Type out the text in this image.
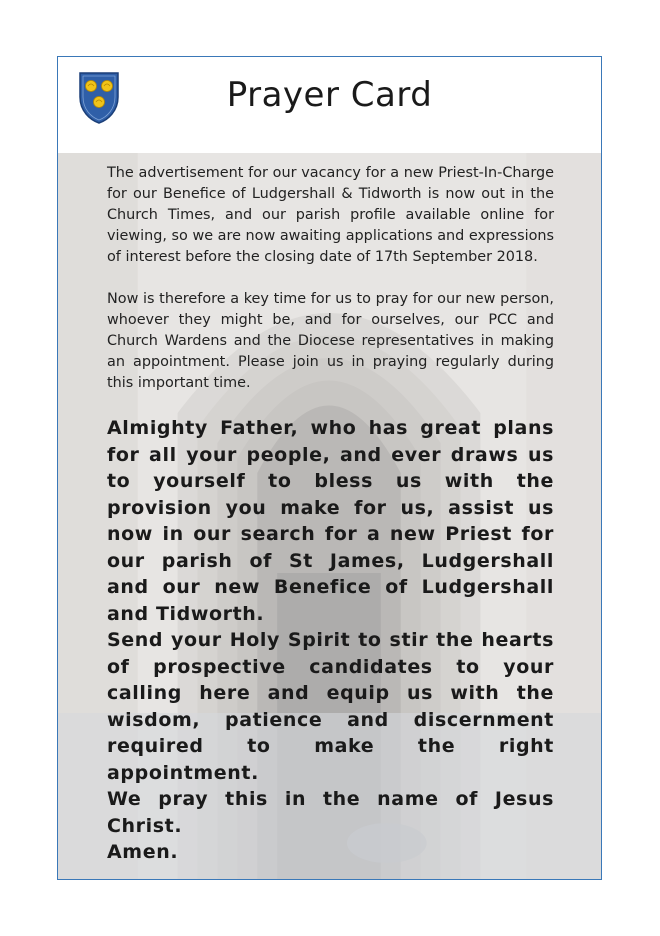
Prayer Card

The advertisement for our vacancy for a new Priest-In-Charge for our Benefice of Ludgershall & Tidworth is now out in the Church Times, and our parish profile available online for viewing, so we are now awaiting applications and expressions of interest before the closing date of 17th September 2018.

Now is therefore a key time for us to pray for our new person, whoever they might be, and for ourselves, our PCC and Church Wardens and the Diocese representatives in making an appointment. Please join us in praying regularly during this important time.

Almighty Father, who has great plans for all your people, and ever draws us to yourself to bless us with the provision you make for us, assist us now in our search for a new Priest for our parish of St James, Ludgershall and our new Benefice of Ludgershall and Tidworth.
Send your Holy Spirit to stir the hearts of prospective candidates to your calling here and equip us with the wisdom, patience and discernment required to make the right appointment.
We pray this in the name of Jesus Christ.
Amen.
